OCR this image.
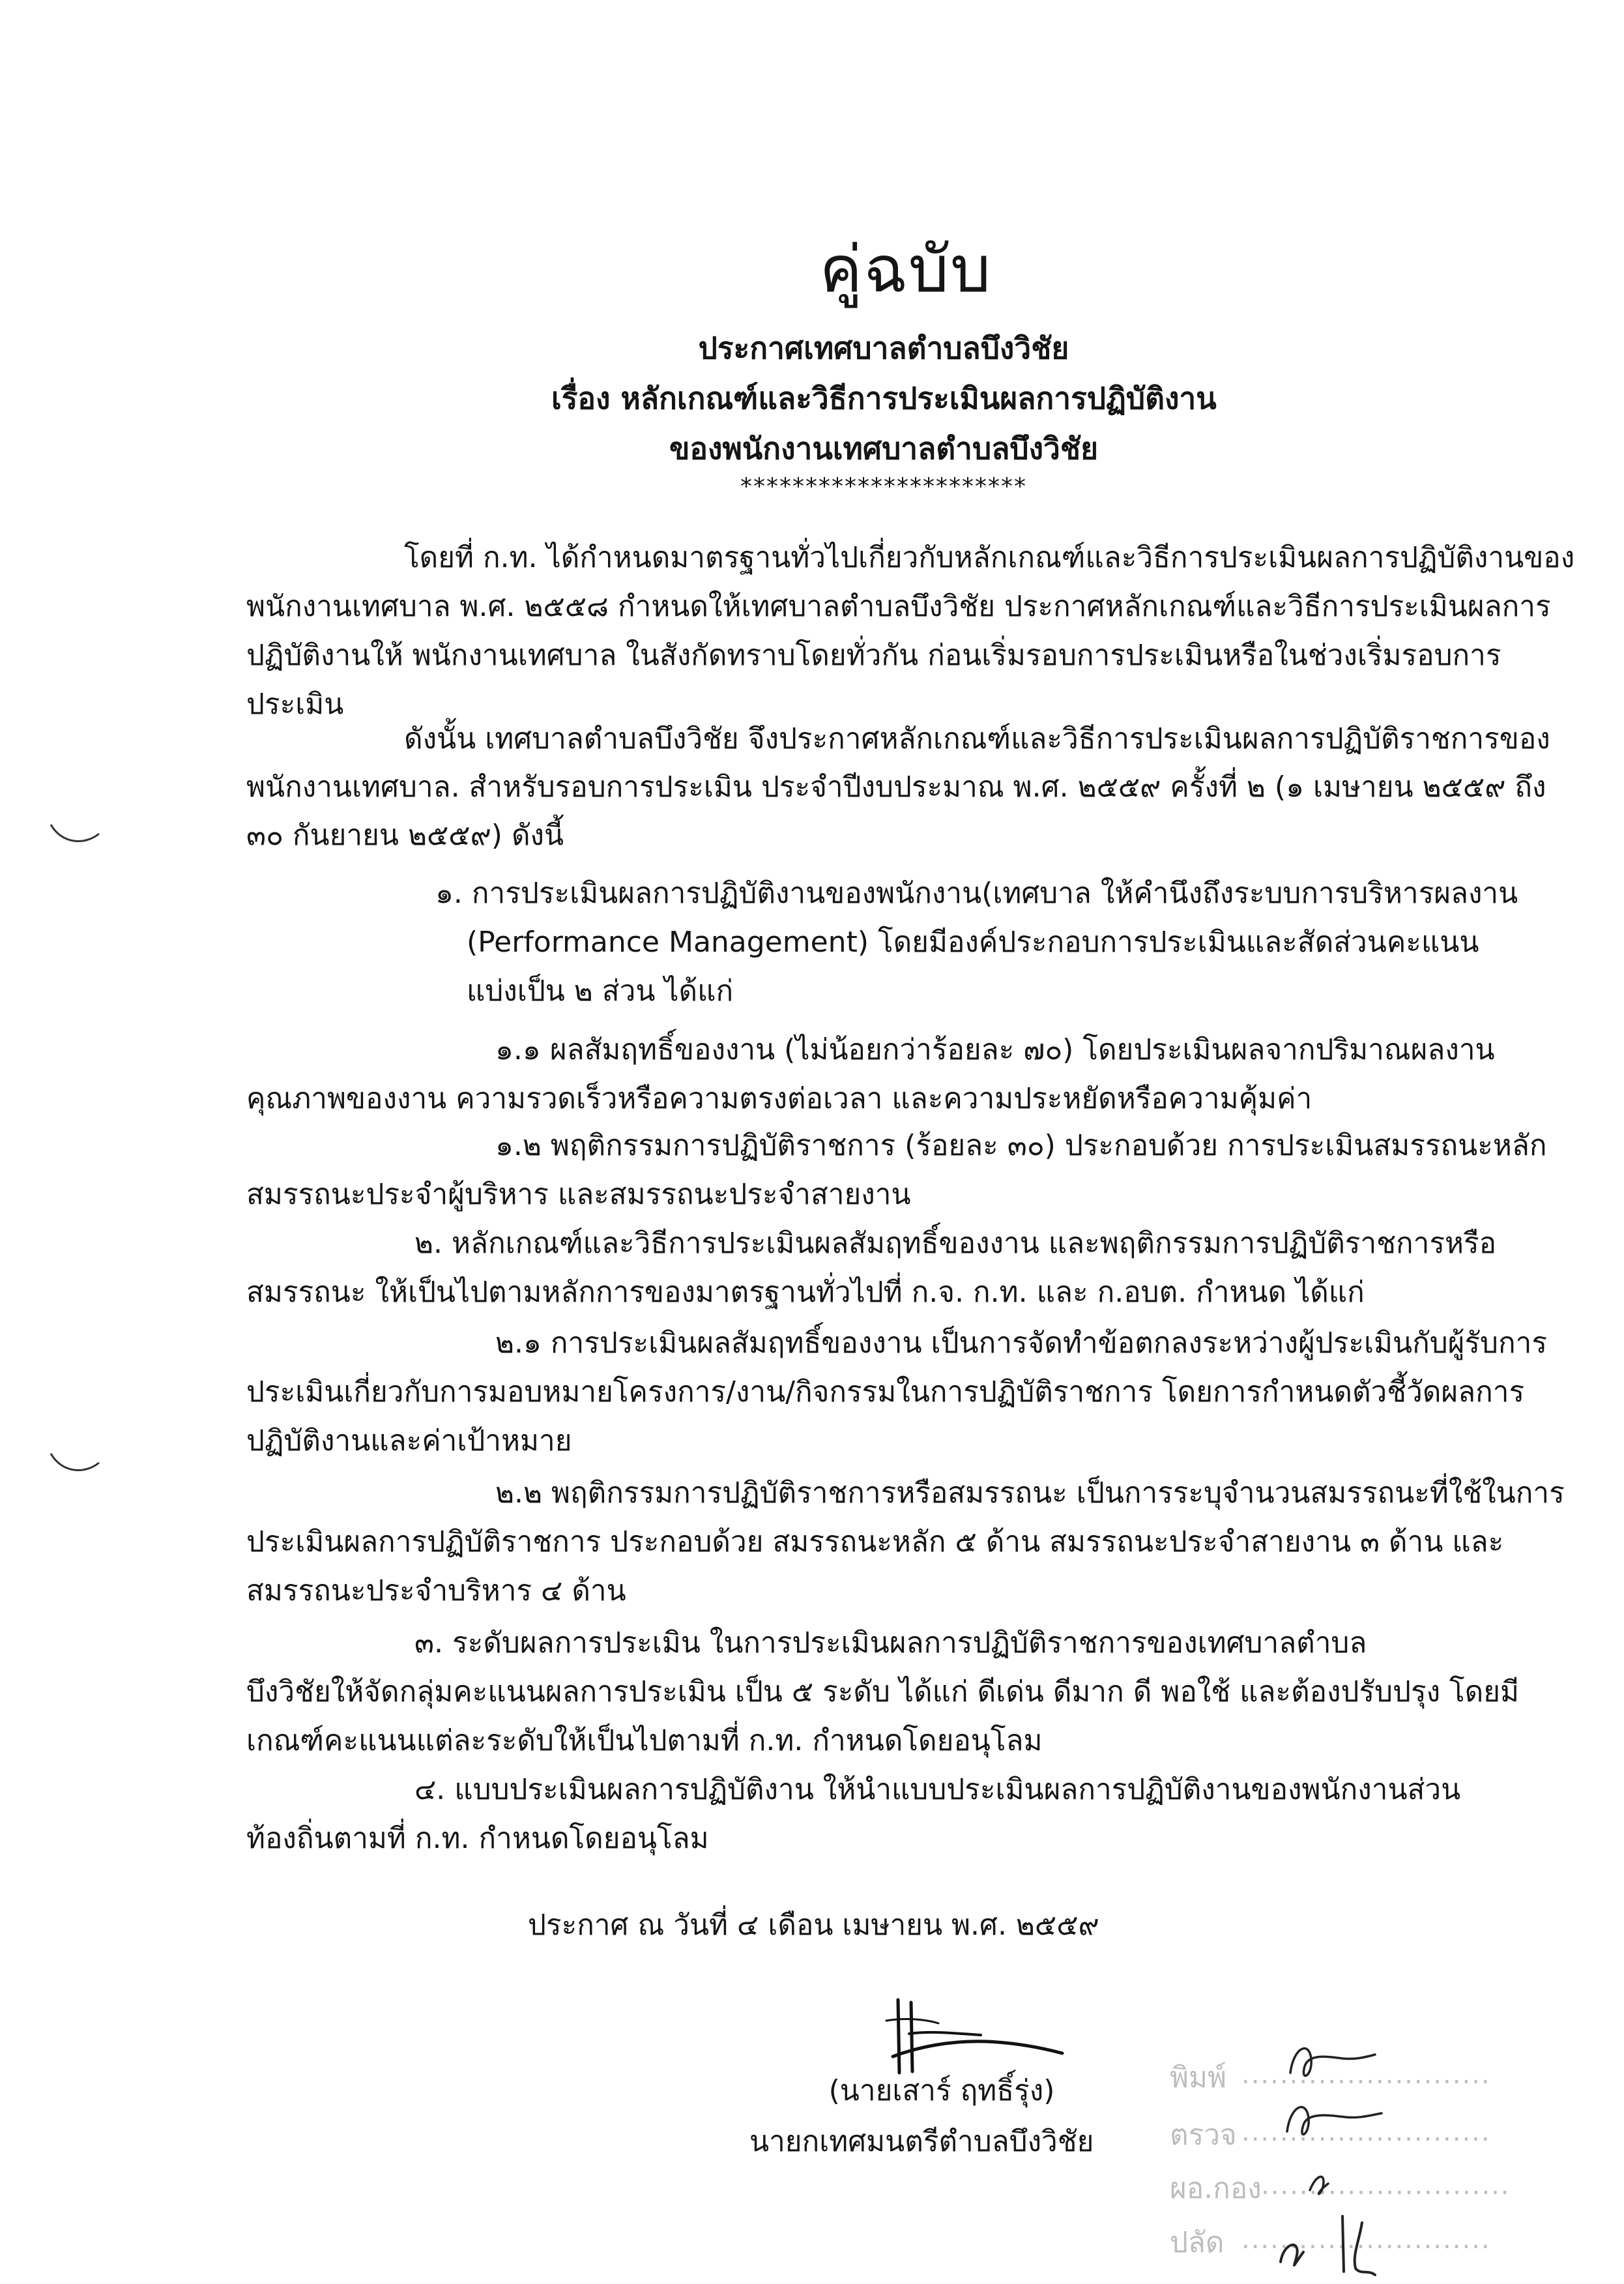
คู่ฉบับ
ประกาศเทศบาลตำบลบึงวิชัย
เรื่อง หลักเกณฑ์และวิธีการประเมินผลการปฏิบัติงาน
ของพนักงานเทศบาลตำบลบึงวิชัย
**********************
โดยที่ ก.ท. ได้กำหนดมาตรฐานทั่วไปเกี่ยวกับหลักเกณฑ์และวิธีการประเมินผลการปฏิบัติงานของ
พนักงานเทศบาล พ.ศ. ๒๕๕๘ กำหนดให้เทศบาลตำบลบึงวิชัย ประกาศหลักเกณฑ์และวิธีการประเมินผลการ
ปฏิบัติงานให้ พนักงานเทศบาล ในสังกัดทราบโดยทั่วกัน ก่อนเริ่มรอบการประเมินหรือในช่วงเริ่มรอบการ
ประเมิน
ดังนั้น เทศบาลตำบลบึงวิชัย จึงประกาศหลักเกณฑ์และวิธีการประเมินผลการปฏิบัติราชการของ
พนักงานเทศบาล. สำหรับรอบการประเมิน ประจำปีงบประมาณ พ.ศ. ๒๕๕๙ ครั้งที่ ๒ (๑ เมษายน ๒๕๕๙ ถึง
๓๐ กันยายน ๒๕๕๙) ดังนี้
๑. การประเมินผลการปฏิบัติงานของพนักงาน(เทศบาล ให้คำนึงถึงระบบการบริหารผลงาน
(Performance Management) โดยมีองค์ประกอบการประเมินและสัดส่วนคะแนน
แบ่งเป็น ๒ ส่วน ได้แก่
๑.๑ ผลสัมฤทธิ์ของงาน (ไม่น้อยกว่าร้อยละ ๗๐) โดยประเมินผลจากปริมาณผลงาน
คุณภาพของงาน ความรวดเร็วหรือความตรงต่อเวลา และความประหยัดหรือความคุ้มค่า
๑.๒ พฤติกรรมการปฏิบัติราชการ (ร้อยละ ๓๐) ประกอบด้วย การประเมินสมรรถนะหลัก
สมรรถนะประจำผู้บริหาร และสมรรถนะประจำสายงาน
๒. หลักเกณฑ์และวิธีการประเมินผลสัมฤทธิ์ของงาน และพฤติกรรมการปฏิบัติราชการหรือ
สมรรถนะ ให้เป็นไปตามหลักการของมาตรฐานทั่วไปที่ ก.จ. ก.ท. และ ก.อบต. กำหนด ได้แก่
๒.๑ การประเมินผลสัมฤทธิ์ของงาน เป็นการจัดทำข้อตกลงระหว่างผู้ประเมินกับผู้รับการ
ประเมินเกี่ยวกับการมอบหมายโครงการ/งาน/กิจกรรมในการปฏิบัติราชการ โดยการกำหนดตัวชี้วัดผลการ
ปฏิบัติงานและค่าเป้าหมาย
๒.๒ พฤติกรรมการปฏิบัติราชการหรือสมรรถนะ เป็นการระบุจำนวนสมรรถนะที่ใช้ในการ
ประเมินผลการปฏิบัติราชการ ประกอบด้วย สมรรถนะหลัก ๕ ด้าน สมรรถนะประจำสายงาน ๓ ด้าน และ
สมรรถนะประจำบริหาร ๔ ด้าน
๓. ระดับผลการประเมิน ในการประเมินผลการปฏิบัติราชการของเทศบาลตำบล
บึงวิชัยให้จัดกลุ่มคะแนนผลการประเมิน เป็น ๕ ระดับ ได้แก่ ดีเด่น ดีมาก ดี พอใช้ และต้องปรับปรุง โดยมี
เกณฑ์คะแนนแต่ละระดับให้เป็นไปตามที่ ก.ท. กำหนดโดยอนุโลม
๔. แบบประเมินผลการปฏิบัติงาน ให้นำแบบประเมินผลการปฏิบัติงานของพนักงานส่วน
ท้องถิ่นตามที่ ก.ท. กำหนดโดยอนุโลม
ประกาศ ณ วันที่ ๔ เดือน เมษายน พ.ศ. ๒๕๕๙
(นายเสาร์ ฤทธิ์รุ่ง)
นายกเทศมนตรีตำบลบึงวิชัย
พิมพ์ ..........................
ตรวจ ..........................
ผอ.กอง ..........................
ปลัด ..........................
